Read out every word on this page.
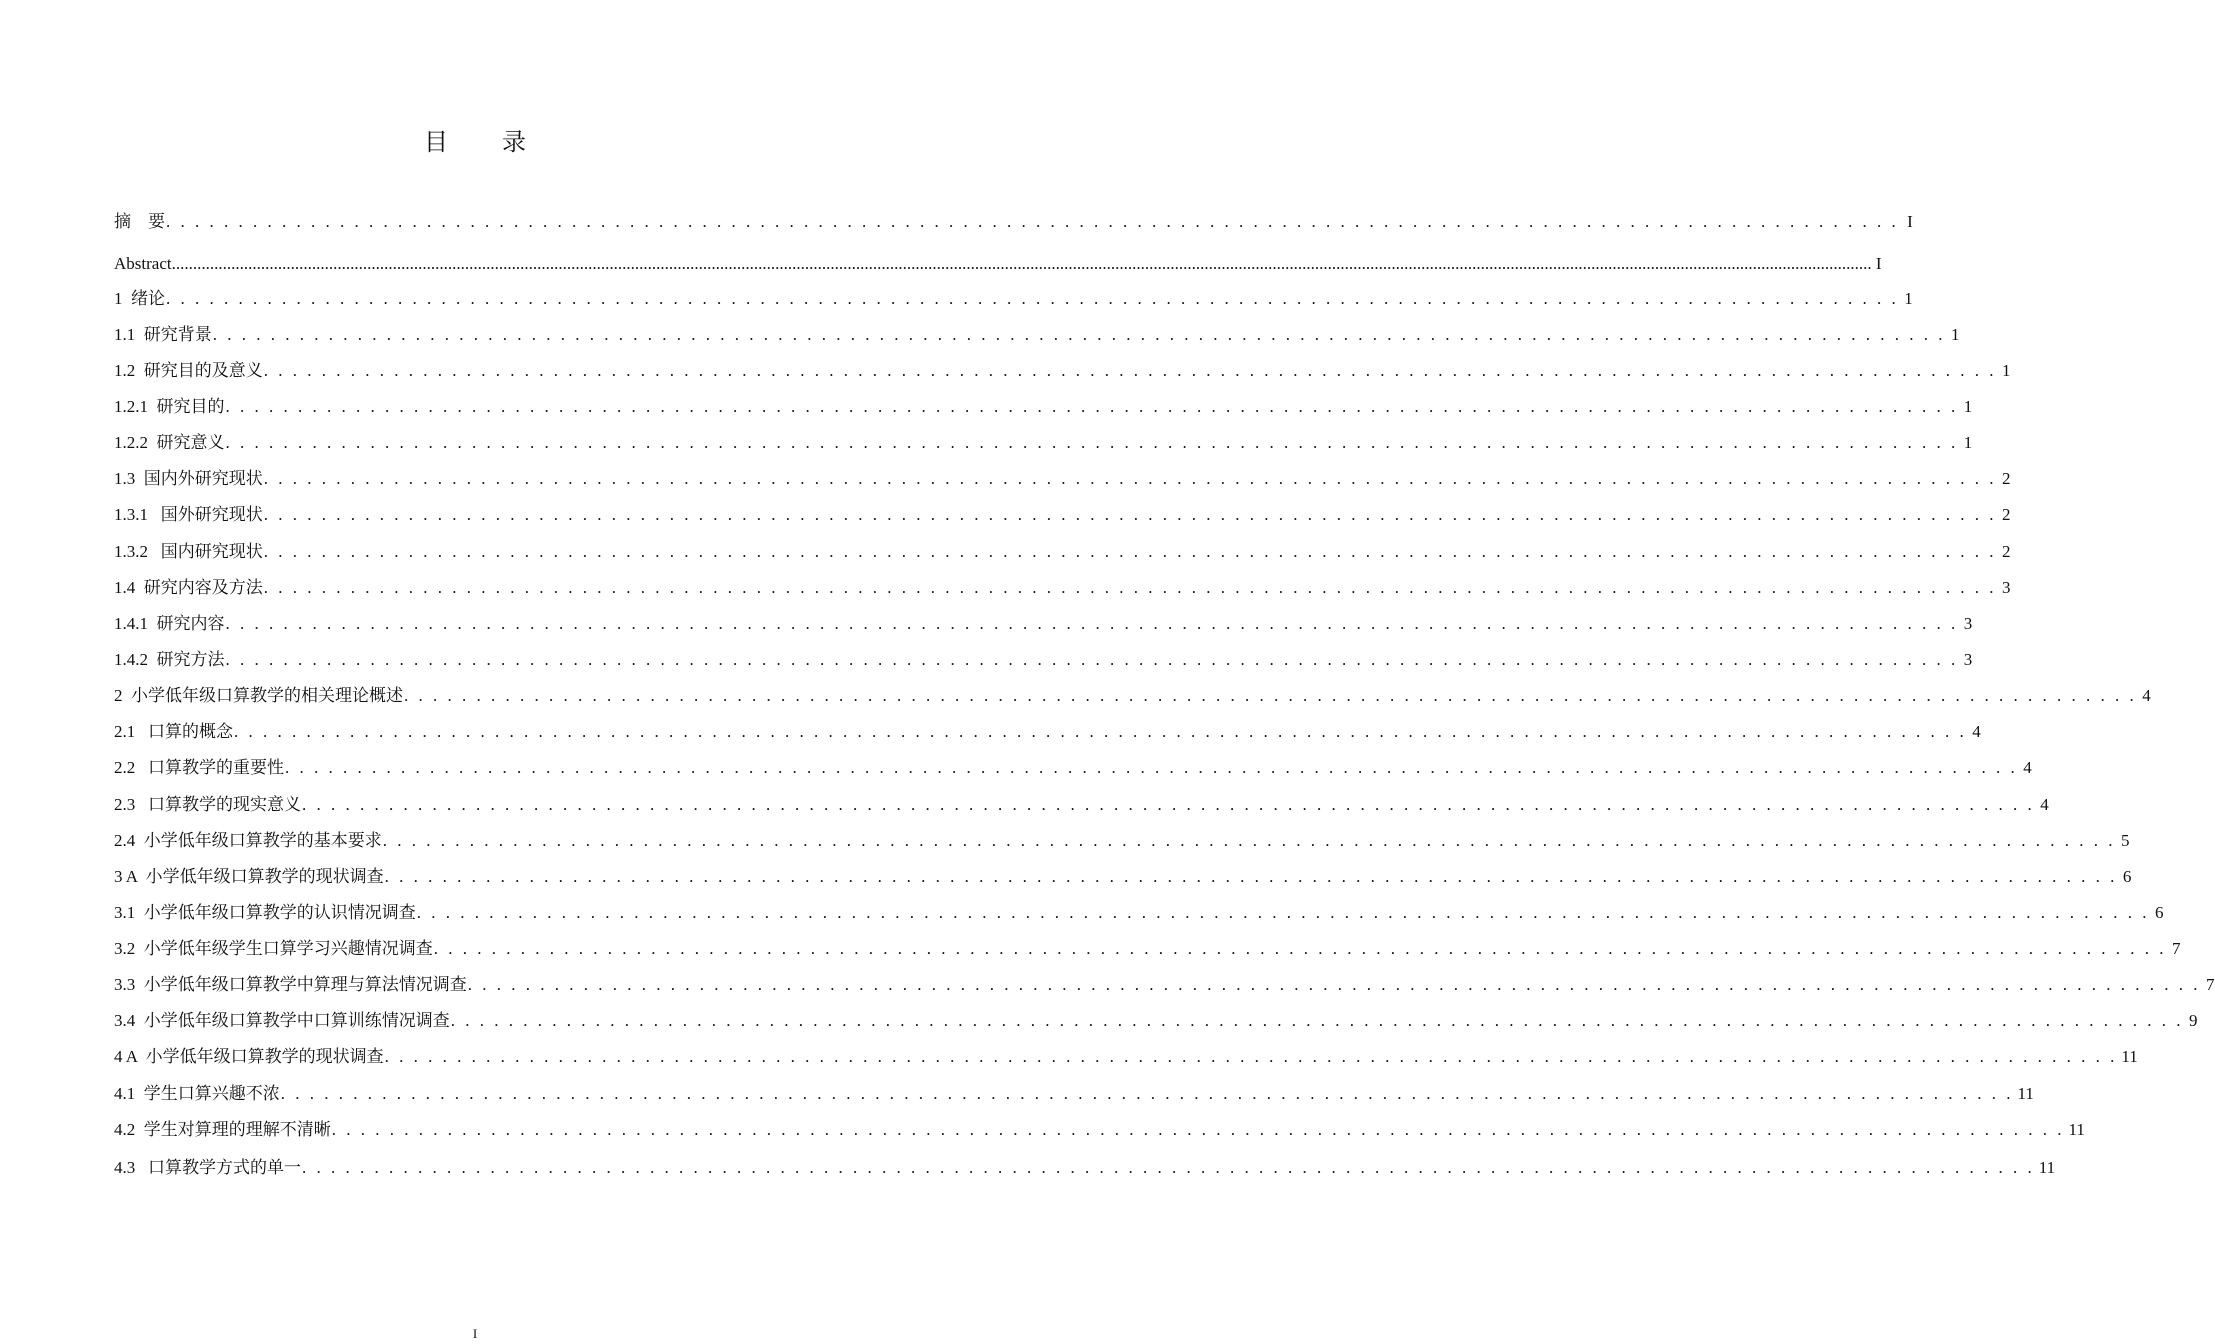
目 录
摘    要 . . . . . . . . . . . . . . . . . . . . . . . . . . . . . . . . . . . . . . . . . . . . . . . . . . . . . . . . . . . . . . . . . . . . . . . . . . . . . . . . . . . . . . . . . . . . . . . . . . . . . . . . . . . . . . . . . . . . . . . . I
Abstract ................................................................................................................................................................................................................................................................................................................................................................................................................ I
1  绪论 . . . . . . . . . . . . . . . . . . . . . . . . . . . . . . . . . . . . . . . . . . . . . . . . . . . . . . . . . . . . . . . . . . . . . . . . . . . . . . . . . . . . . . . . . . . . . . . . . . . . . . . . . . . . . . . . . . . . . . . . 1
1.1  研究背景 . . . . . . . . . . . . . . . . . . . . . . . . . . . . . . . . . . . . . . . . . . . . . . . . . . . . . . . . . . . . . . . . . . . . . . . . . . . . . . . . . . . . . . . . . . . . . . . . . . . . . . . . . . . . . . . . . . . . . . . . 1
1.2  研究目的及意义 . . . . . . . . . . . . . . . . . . . . . . . . . . . . . . . . . . . . . . . . . . . . . . . . . . . . . . . . . . . . . . . . . . . . . . . . . . . . . . . . . . . . . . . . . . . . . . . . . . . . . . . . . . . . . . . . . . . . . . . . 1
1.2.1  研究目的 . . . . . . . . . . . . . . . . . . . . . . . . . . . . . . . . . . . . . . . . . . . . . . . . . . . . . . . . . . . . . . . . . . . . . . . . . . . . . . . . . . . . . . . . . . . . . . . . . . . . . . . . . . . . . . . . . . . . . . . . 1
1.2.2  研究意义 . . . . . . . . . . . . . . . . . . . . . . . . . . . . . . . . . . . . . . . . . . . . . . . . . . . . . . . . . . . . . . . . . . . . . . . . . . . . . . . . . . . . . . . . . . . . . . . . . . . . . . . . . . . . . . . . . . . . . . . . 1
1.3  国内外研究现状 . . . . . . . . . . . . . . . . . . . . . . . . . . . . . . . . . . . . . . . . . . . . . . . . . . . . . . . . . . . . . . . . . . . . . . . . . . . . . . . . . . . . . . . . . . . . . . . . . . . . . . . . . . . . . . . . . . . . . . . . 2
1.3.1   国外研究现状 . . . . . . . . . . . . . . . . . . . . . . . . . . . . . . . . . . . . . . . . . . . . . . . . . . . . . . . . . . . . . . . . . . . . . . . . . . . . . . . . . . . . . . . . . . . . . . . . . . . . . . . . . . . . . . . . . . . . . . . . 2
1.3.2   国内研究现状 . . . . . . . . . . . . . . . . . . . . . . . . . . . . . . . . . . . . . . . . . . . . . . . . . . . . . . . . . . . . . . . . . . . . . . . . . . . . . . . . . . . . . . . . . . . . . . . . . . . . . . . . . . . . . . . . . . . . . . . . 2
1.4  研究内容及方法 . . . . . . . . . . . . . . . . . . . . . . . . . . . . . . . . . . . . . . . . . . . . . . . . . . . . . . . . . . . . . . . . . . . . . . . . . . . . . . . . . . . . . . . . . . . . . . . . . . . . . . . . . . . . . . . . . . . . . . . . 3
1.4.1  研究内容 . . . . . . . . . . . . . . . . . . . . . . . . . . . . . . . . . . . . . . . . . . . . . . . . . . . . . . . . . . . . . . . . . . . . . . . . . . . . . . . . . . . . . . . . . . . . . . . . . . . . . . . . . . . . . . . . . . . . . . . . 3
1.4.2  研究方法 . . . . . . . . . . . . . . . . . . . . . . . . . . . . . . . . . . . . . . . . . . . . . . . . . . . . . . . . . . . . . . . . . . . . . . . . . . . . . . . . . . . . . . . . . . . . . . . . . . . . . . . . . . . . . . . . . . . . . . . . 3
2  小学低年级口算教学的相关理论概述 . . . . . . . . . . . . . . . . . . . . . . . . . . . . . . . . . . . . . . . . . . . . . . . . . . . . . . . . . . . . . . . . . . . . . . . . . . . . . . . . . . . . . . . . . . . . . . . . . . . . . . . . . . . . . . . . . . . . . . . . 4
2.1   口算的概念 . . . . . . . . . . . . . . . . . . . . . . . . . . . . . . . . . . . . . . . . . . . . . . . . . . . . . . . . . . . . . . . . . . . . . . . . . . . . . . . . . . . . . . . . . . . . . . . . . . . . . . . . . . . . . . . . . . . . . . . . 4
2.2   口算教学的重要性 . . . . . . . . . . . . . . . . . . . . . . . . . . . . . . . . . . . . . . . . . . . . . . . . . . . . . . . . . . . . . . . . . . . . . . . . . . . . . . . . . . . . . . . . . . . . . . . . . . . . . . . . . . . . . . . . . . . . . . . . 4
2.3   口算教学的现实意义 . . . . . . . . . . . . . . . . . . . . . . . . . . . . . . . . . . . . . . . . . . . . . . . . . . . . . . . . . . . . . . . . . . . . . . . . . . . . . . . . . . . . . . . . . . . . . . . . . . . . . . . . . . . . . . . . . . . . . . . . 4
2.4  小学低年级口算教学的基本要求 . . . . . . . . . . . . . . . . . . . . . . . . . . . . . . . . . . . . . . . . . . . . . . . . . . . . . . . . . . . . . . . . . . . . . . . . . . . . . . . . . . . . . . . . . . . . . . . . . . . . . . . . . . . . . . . . . . . . . . . . 5
3 A  小学低年级口算教学的现状调查 . . . . . . . . . . . . . . . . . . . . . . . . . . . . . . . . . . . . . . . . . . . . . . . . . . . . . . . . . . . . . . . . . . . . . . . . . . . . . . . . . . . . . . . . . . . . . . . . . . . . . . . . . . . . . . . . . . . . . . . . 6
3.1  小学低年级口算教学的认识情况调查 . . . . . . . . . . . . . . . . . . . . . . . . . . . . . . . . . . . . . . . . . . . . . . . . . . . . . . . . . . . . . . . . . . . . . . . . . . . . . . . . . . . . . . . . . . . . . . . . . . . . . . . . . . . . . . . . . . . . . . . . 6
3.2  小学低年级学生口算学习兴趣情况调查 . . . . . . . . . . . . . . . . . . . . . . . . . . . . . . . . . . . . . . . . . . . . . . . . . . . . . . . . . . . . . . . . . . . . . . . . . . . . . . . . . . . . . . . . . . . . . . . . . . . . . . . . . . . . . . . . . . . . . . . . 7
3.3  小学低年级口算教学中算理与算法情况调查 . . . . . . . . . . . . . . . . . . . . . . . . . . . . . . . . . . . . . . . . . . . . . . . . . . . . . . . . . . . . . . . . . . . . . . . . . . . . . . . . . . . . . . . . . . . . . . . . . . . . . . . . . . . . . . . . . . . . . . . . 7
3.4  小学低年级口算教学中口算训练情况调查 . . . . . . . . . . . . . . . . . . . . . . . . . . . . . . . . . . . . . . . . . . . . . . . . . . . . . . . . . . . . . . . . . . . . . . . . . . . . . . . . . . . . . . . . . . . . . . . . . . . . . . . . . . . . . . . . . . . . . . . . 9
4 A  小学低年级口算教学的现状调查 . . . . . . . . . . . . . . . . . . . . . . . . . . . . . . . . . . . . . . . . . . . . . . . . . . . . . . . . . . . . . . . . . . . . . . . . . . . . . . . . . . . . . . . . . . . . . . . . . . . . . . . . . . . . . . . . . . . . . . . . 11
4.1  学生口算兴趣不浓 . . . . . . . . . . . . . . . . . . . . . . . . . . . . . . . . . . . . . . . . . . . . . . . . . . . . . . . . . . . . . . . . . . . . . . . . . . . . . . . . . . . . . . . . . . . . . . . . . . . . . . . . . . . . . . . . . . . . . . . . 11
4.2  学生对算理的理解不清晰 . . . . . . . . . . . . . . . . . . . . . . . . . . . . . . . . . . . . . . . . . . . . . . . . . . . . . . . . . . . . . . . . . . . . . . . . . . . . . . . . . . . . . . . . . . . . . . . . . . . . . . . . . . . . . . . . . . . . . . . . 11
4.3   口算教学方式的单一 . . . . . . . . . . . . . . . . . . . . . . . . . . . . . . . . . . . . . . . . . . . . . . . . . . . . . . . . . . . . . . . . . . . . . . . . . . . . . . . . . . . . . . . . . . . . . . . . . . . . . . . . . . . . . . . . . . . . . . . . 11
I
